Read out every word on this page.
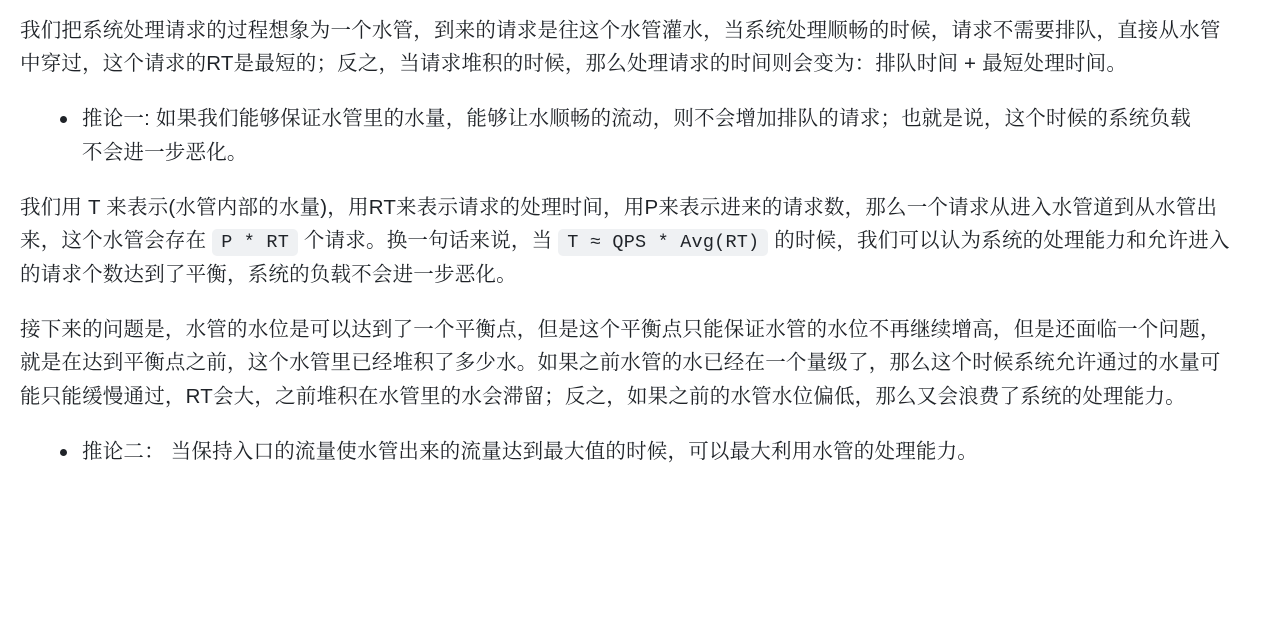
我们把系统处理请求的过程想象为一个水管，到来的请求是往这个水管灌水，当系统处理顺畅的时候，请求不需要排队，直接从水管中穿过，这个请求的RT是最短的；反之，当请求堆积的时候，那么处理请求的时间则会变为：排队时间 + 最短处理时间。

推论一: 如果我们能够保证水管里的水量，能够让水顺畅的流动，则不会增加排队的请求；也就是说，这个时候的系统负载不会进一步恶化。

我们用 T 来表示(水管内部的水量)，用RT来表示请求的处理时间，用P来表示进来的请求数，那么一个请求从进入水管道到从水管出来，这个水管会存在 P * RT 个请求。换一句话来说，当 T ≈ QPS * Avg(RT) 的时候，我们可以认为系统的处理能力和允许进入的请求个数达到了平衡，系统的负载不会进一步恶化。

接下来的问题是，水管的水位是可以达到了一个平衡点，但是这个平衡点只能保证水管的水位不再继续增高，但是还面临一个问题，就是在达到平衡点之前，这个水管里已经堆积了多少水。如果之前水管的水已经在一个量级了，那么这个时候系统允许通过的水量可能只能缓慢通过，RT会大，之前堆积在水管里的水会滞留；反之，如果之前的水管水位偏低，那么又会浪费了系统的处理能力。

推论二： 当保持入口的流量使水管出来的流量达到最大值的时候，可以最大利用水管的处理能力。
